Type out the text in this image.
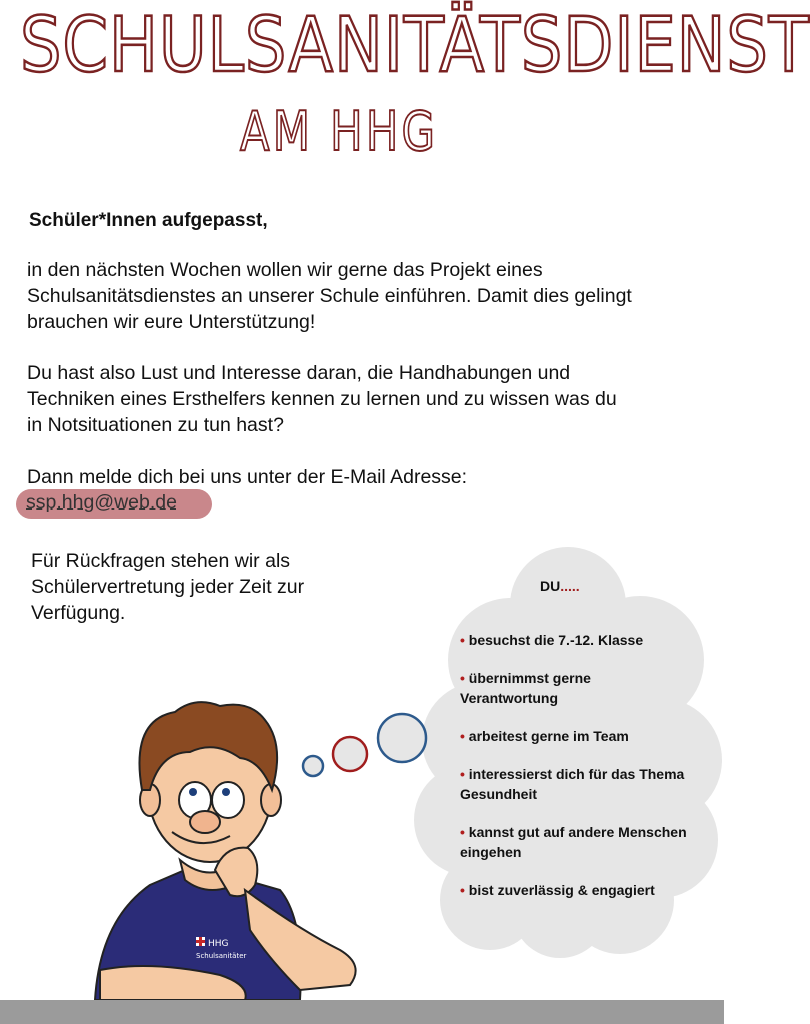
SCHULSANITÄTSDIENST
AM HHG
Schüler*Innen aufgepasst,

in den nächsten Wochen wollen wir gerne das Projekt eines Schulsanitätsdienstes an unserer Schule einführen. Damit dies gelingt brauchen wir eure Unterstützung!

Du hast also Lust und Interesse daran, die Handhabungen und Techniken eines Ersthelfers kennen zu lernen und zu wissen was du in Notsituationen zu tun hast?

Dann melde dich bei uns unter der E-Mail Adresse:

ssp.hhg@web.de

Für Rückfragen stehen wir als Schülervertretung jeder Zeit zur Verfügung.

HHG
Schulsanitäter
DU.....
• besuchst die 7.-12. Klasse
• übernimmst gerne Verantwortung
• arbeitest gerne im Team
• interessierst dich für das Thema Gesundheit
• kannst gut auf andere Menschen eingehen
• bist zuverlässig & engagiert
